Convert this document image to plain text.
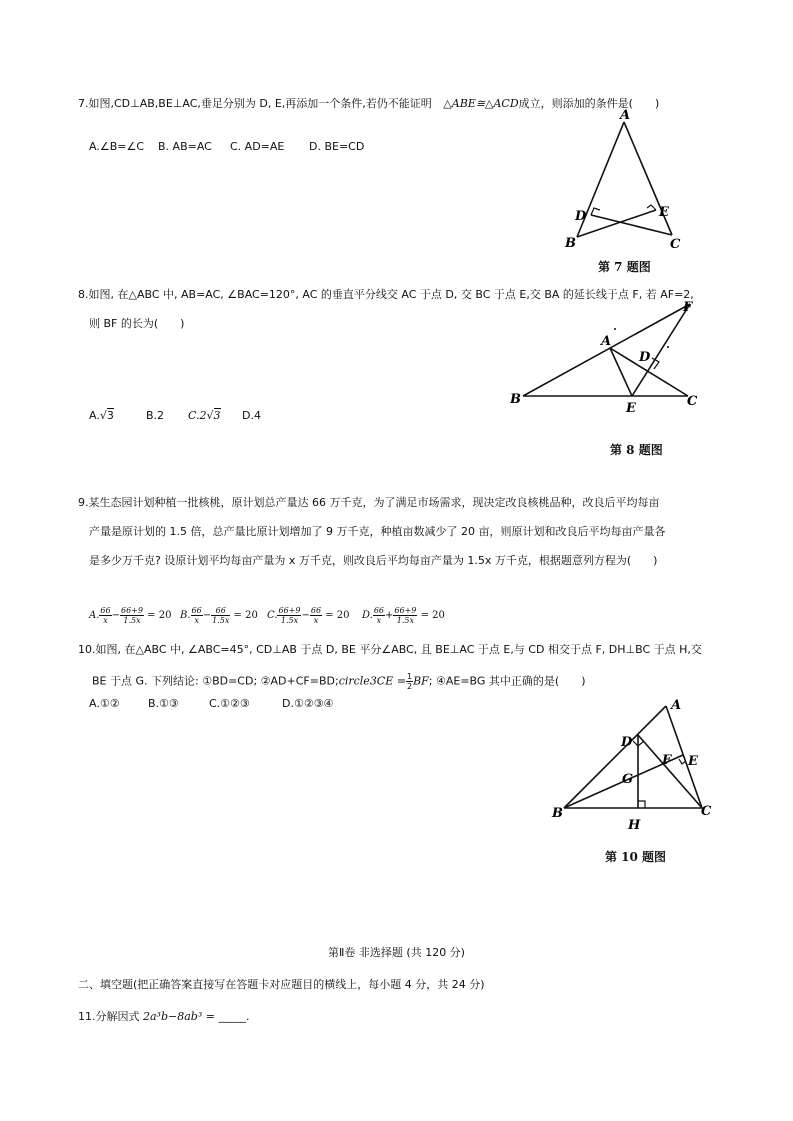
7.如图,CD⊥AB,BE⊥AC,垂足分别为 D, E,再添加一个条件,若仍不能证明 △ABE≅△ACD成立，则添加的条件是(　　)
A.∠B=∠C B. AB=AC C. AD=AE D. BE=CD
A
B	C
D	E
第 7 题图
8.如图, 在△ABC 中, AB=AC, ∠BAC=120°, AC 的垂直平分线交 AC 于点 D, 交 BC 于点 E,交 BA 的延长线于点 F, 若 AF=2,
则 BF 的长为(　　)
A.√3	B.2 C.2√3 D.4
A
B	C
D
E
F
第 8 题图
9.某生态园计划种植一批核桃，原计划总产量达 66 万千克，为了满足市场需求，现决定改良核桃品种，改良后平均每亩
产量是原计划的 1.5 倍，总产量比原计划增加了 9 万千克，种植亩数减少了 20 亩，则原计划和改良后平均每亩产量各
是多少万千克? 设原计划平均每亩产量为 x 万千克，则改良后平均每亩产量为 1.5x 万千克，根据题意列方程为(　　)
A. $\frac{66}{x} - \frac{66+9}{1.5x} = 20$ B. $\frac{66}{x} - \frac{66}{1.5x} = 20$ C. $\frac{66+9}{1.5x} - \frac{66}{x} = 20$ D. $\frac{66}{x} + \frac{66+9}{1.5x} = 20$
10.如图, 在△ABC 中, ∠ABC=45°, CD⊥AB 于点 D, BE 平分∠ABC, 且 BE⊥AC 于点 E,与 CD 相交于点 F, DH⊥BC 于点 H,交
BE 于点 G. 下列结论: ①BD=CD; ②AD+CF=BD;circle3CE = $\frac{1}{2}$ BF; ④AE=BG 其中正确的是(　　)
A.①②	B.①③	C.①②③	D.①②③④	A
B	C
D
E
F
G
H
第 10 题图
第Ⅱ卷 非选择题 (共 120 分)
二、填空题(把正确答案直接写在答题卡对应题目的横线上，每小题 4 分，共 24 分)
11.分解因式 2a³b−8ab³ = _____.
